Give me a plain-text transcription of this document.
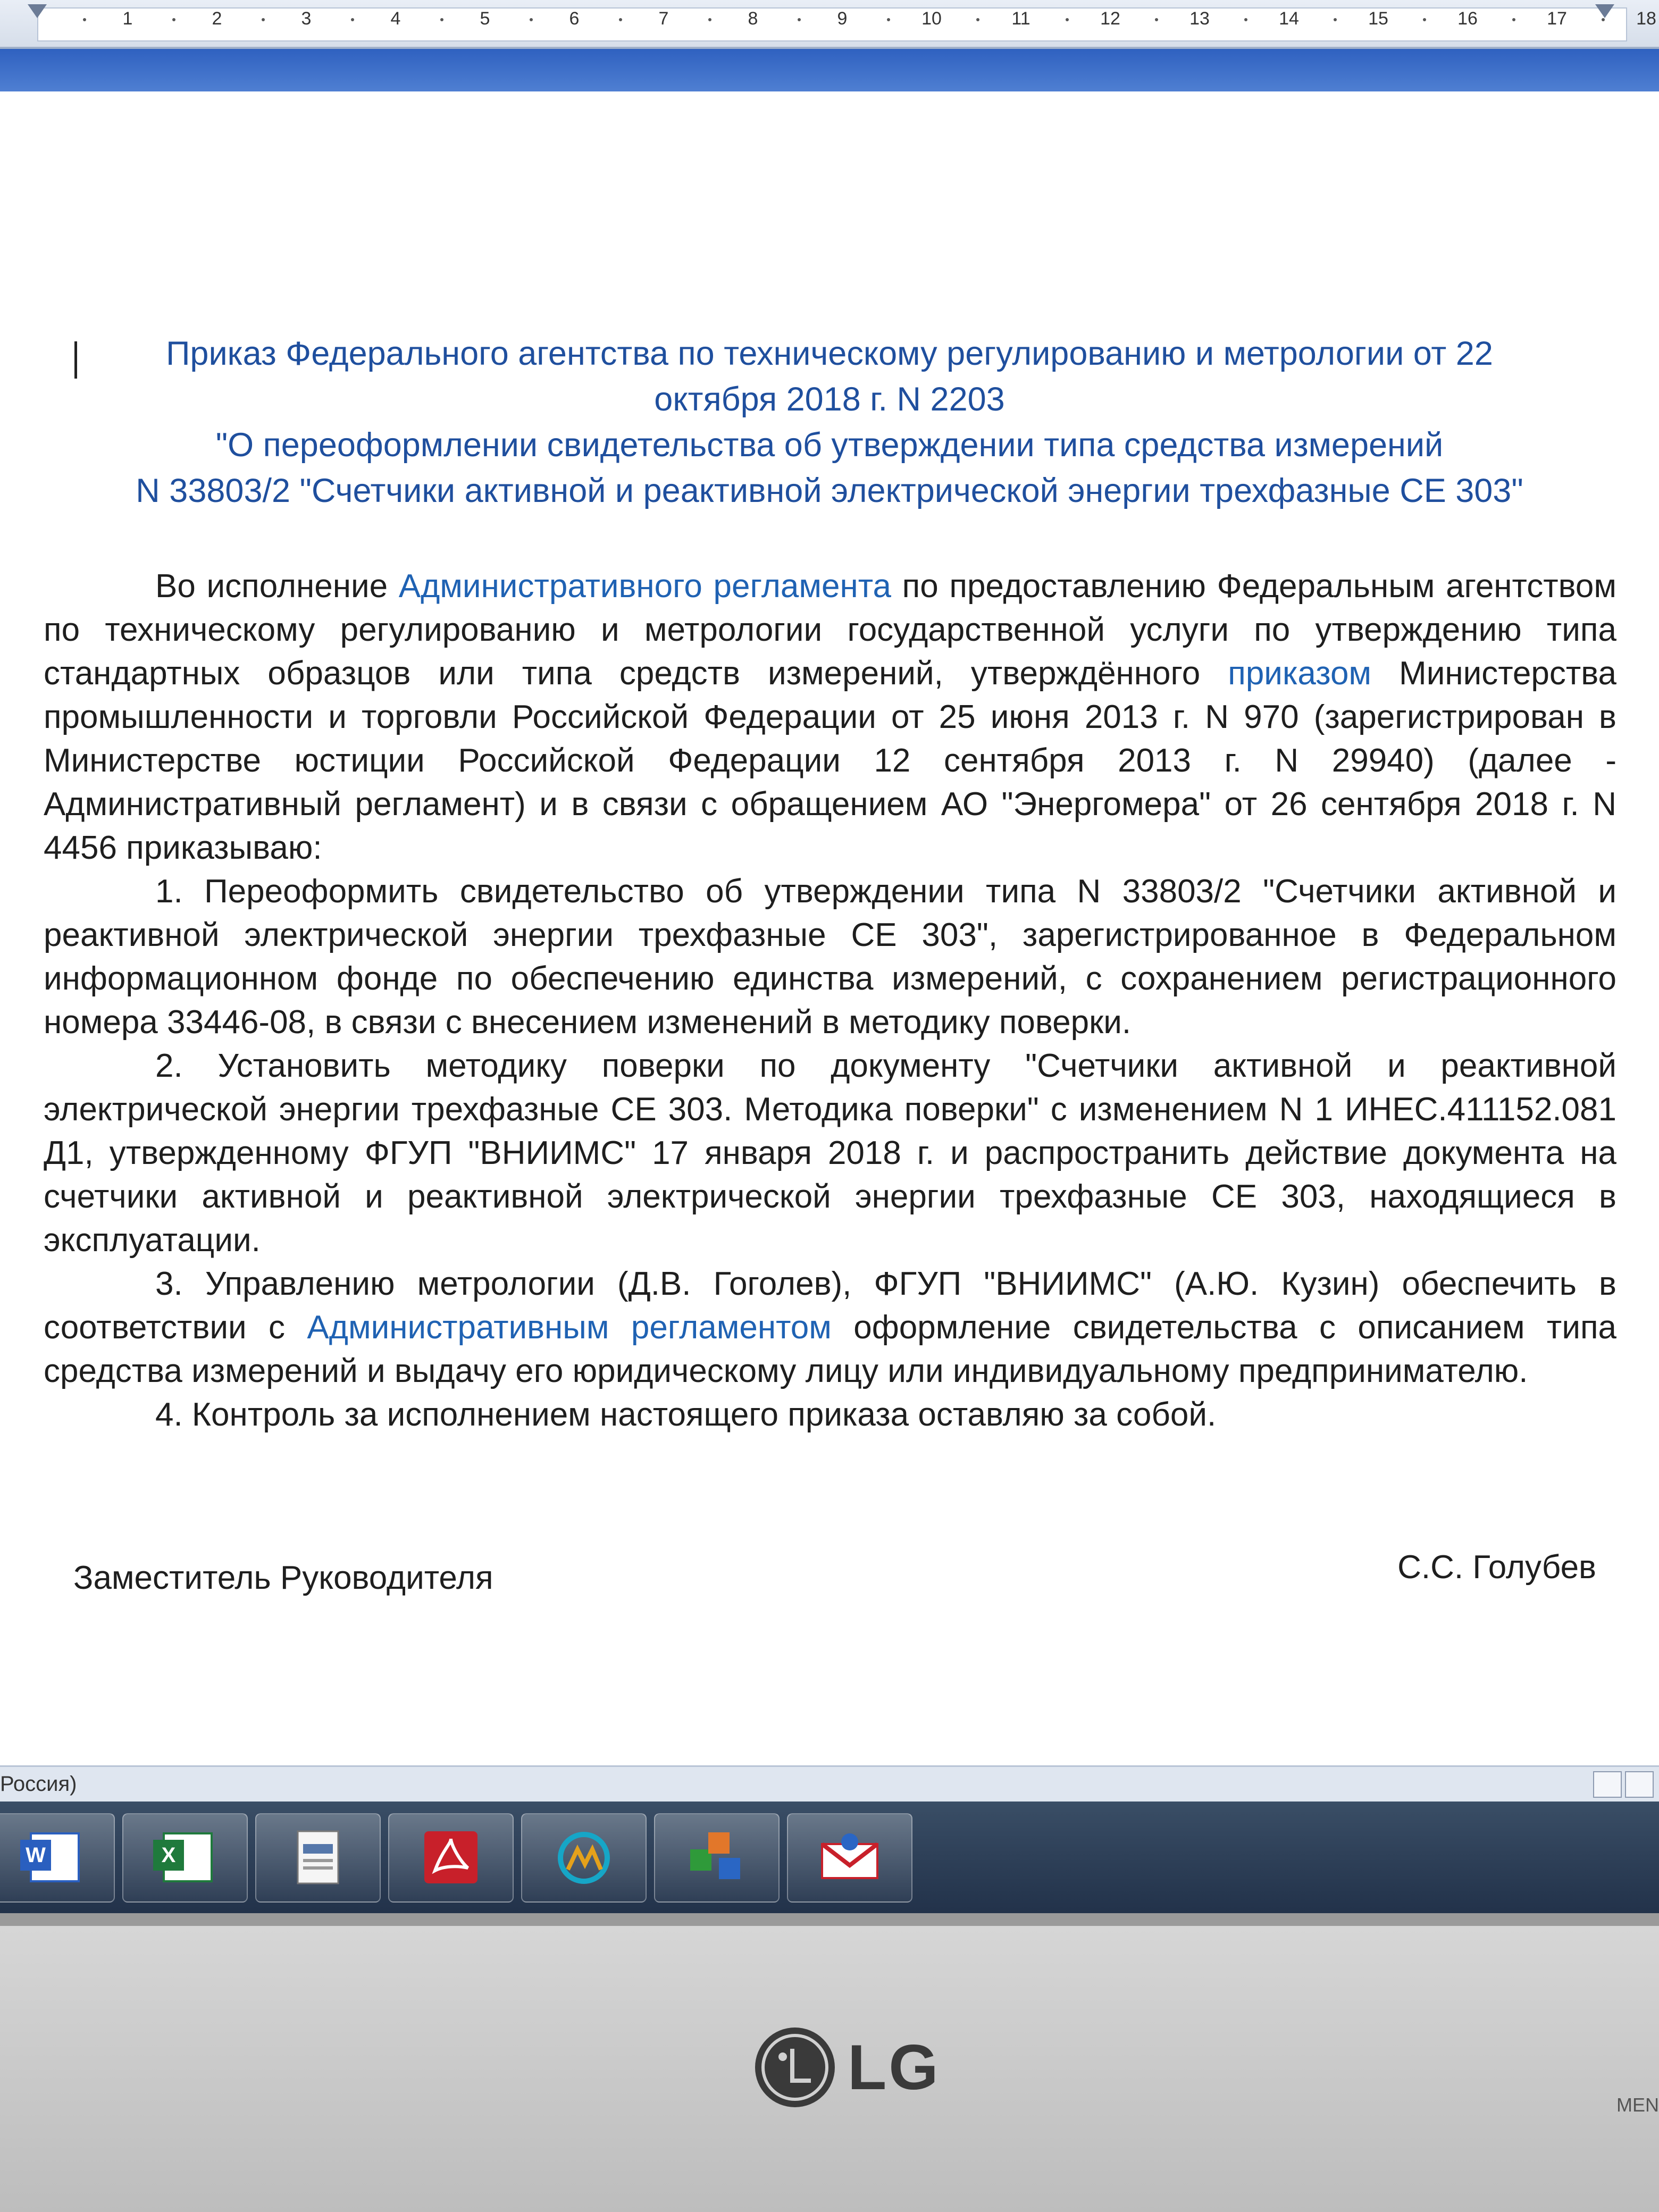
1	2	3	4	5	6	7	8	9	10	11	12	13	14	15	16	17	18
Приказ Федерального агентства по техническому регулированию и метрологии от 22
октября 2018 г. N 2203
"О переоформлении свидетельства об утверждении типа средства измерений
N 33803/2 "Счетчики активной и реактивной электрической энергии трехфазные СЕ 303"

Во исполнение Административного регламента по предоставлению Федеральным агентством по техническому регулированию и метрологии государственной услуги по утверждению типа стандартных образцов или типа средств измерений, утверждённого приказом Министерства промышленности и торговли Российской Федерации от 25 июня 2013 г. N 970 (зарегистрирован в Министерстве юстиции Российской Федерации 12 сентября 2013 г. N 29940) (далее - Административный регламент) и в связи с обращением АО "Энергомера" от 26 сентября 2018 г. N 4456 приказываю:

1. Переоформить свидетельство об утверждении типа N 33803/2 "Счетчики активной и реактивной электрической энергии трехфазные СЕ 303", зарегистрированное в Федеральном информационном фонде по обеспечению единства измерений, с сохранением регистрационного номера 33446-08, в связи с внесением изменений в методику поверки.

2. Установить методику поверки по документу "Счетчики активной и реактивной электрической энергии трехфазные СЕ 303. Методика поверки" с изменением N 1 ИНЕС.411152.081 Д1, утвержденному ФГУП "ВНИИМС" 17 января 2018 г. и распространить действие документа на счетчики активной и реактивной электрической энергии трехфазные СЕ 303, находящиеся в эксплуатации.

3. Управлению метрологии (Д.В. Гоголев), ФГУП "ВНИИМС" (А.Ю. Кузин) обеспечить в соответствии с Административным регламентом оформление свидетельства с описанием типа средства измерений и выдачу его юридическому лицу или индивидуальному предпринимателю.

4. Контроль за исполнением настоящего приказа оставляю за собой.

Заместитель Руководителя	С.С. Голубев
Россия)
W	X
LG
MEN
